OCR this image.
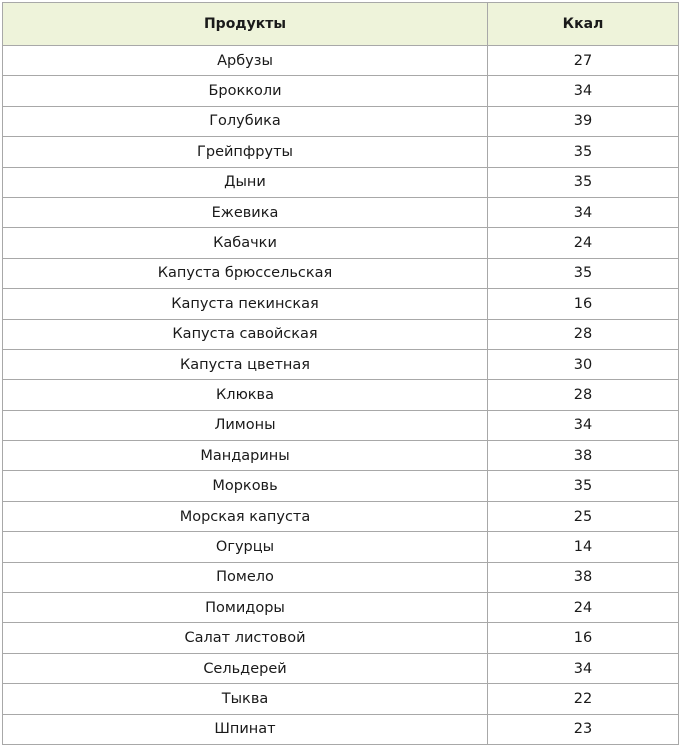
Продукты	Ккал
Арбузы	27
Брокколи	34
Голубика	39
Грейпфруты	35
Дыни	35
Ежевика	34
Кабачки	24
Капуста брюссельская	35
Капуста пекинская	16
Капуста савойская	28
Капуста цветная	30
Клюква	28
Лимоны	34
Мандарины	38
Морковь	35
Морская капуста	25
Огурцы	14
Помело	38
Помидоры	24
Салат листовой	16
Сельдерей	34
Тыква	22
Шпинат	23
